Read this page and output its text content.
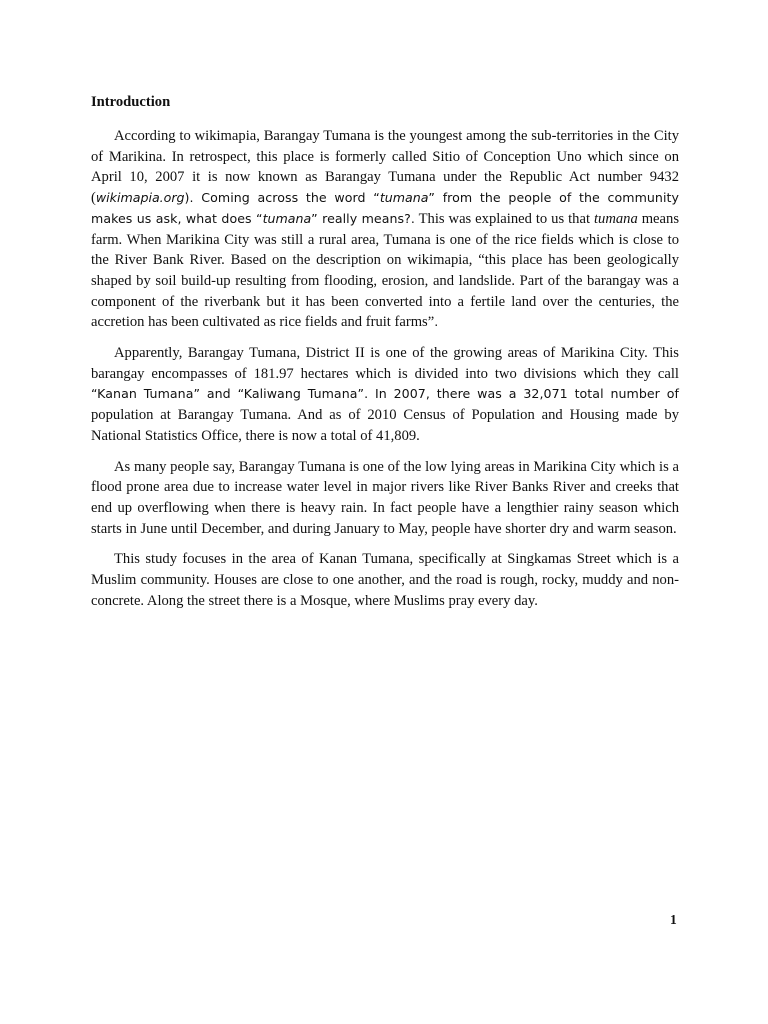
Introduction

According to wikimapia, Barangay Tumana is the youngest among the sub-territories in the City of Marikina. In retrospect, this place is formerly called Sitio of Conception Uno which since on April 10, 2007 it is now known as Barangay Tumana under the Republic Act number 9432 (wikimapia.org). Coming across the word “tumana” from the people of the community makes us ask, what does “tumana” really means?. This was explained to us that tumana means farm. When Marikina City was still a rural area, Tumana is one of the rice fields which is close to the River Bank River. Based on the description on wikimapia, “this place has been geologically shaped by soil build-up resulting from flooding, erosion, and landslide. Part of the barangay was a component of the riverbank but it has been converted into a fertile land over the centuries, the accretion has been cultivated as rice fields and fruit farms”.

Apparently, Barangay Tumana, District II is one of the growing areas of Marikina City. This barangay encompasses of 181.97 hectares which is divided into two divisions which they call “Kanan Tumana” and “Kaliwang Tumana”. In 2007, there was a 32,071 total number of population at Barangay Tumana. And as of 2010 Census of Population and Housing made by National Statistics Office, there is now a total of 41,809.

As many people say, Barangay Tumana is one of the low lying areas in Marikina City which is a flood prone area due to increase water level in major rivers like River Banks River and creeks that end up overflowing when there is heavy rain. In fact people have a lengthier rainy season which starts in June until December, and during January to May, people have shorter dry and warm season.

This study focuses in the area of Kanan Tumana, specifically at Singkamas Street which is a Muslim community. Houses are close to one another, and the road is rough, rocky, muddy and non- concrete. Along the street there is a Mosque, where Muslims pray every day.

1
